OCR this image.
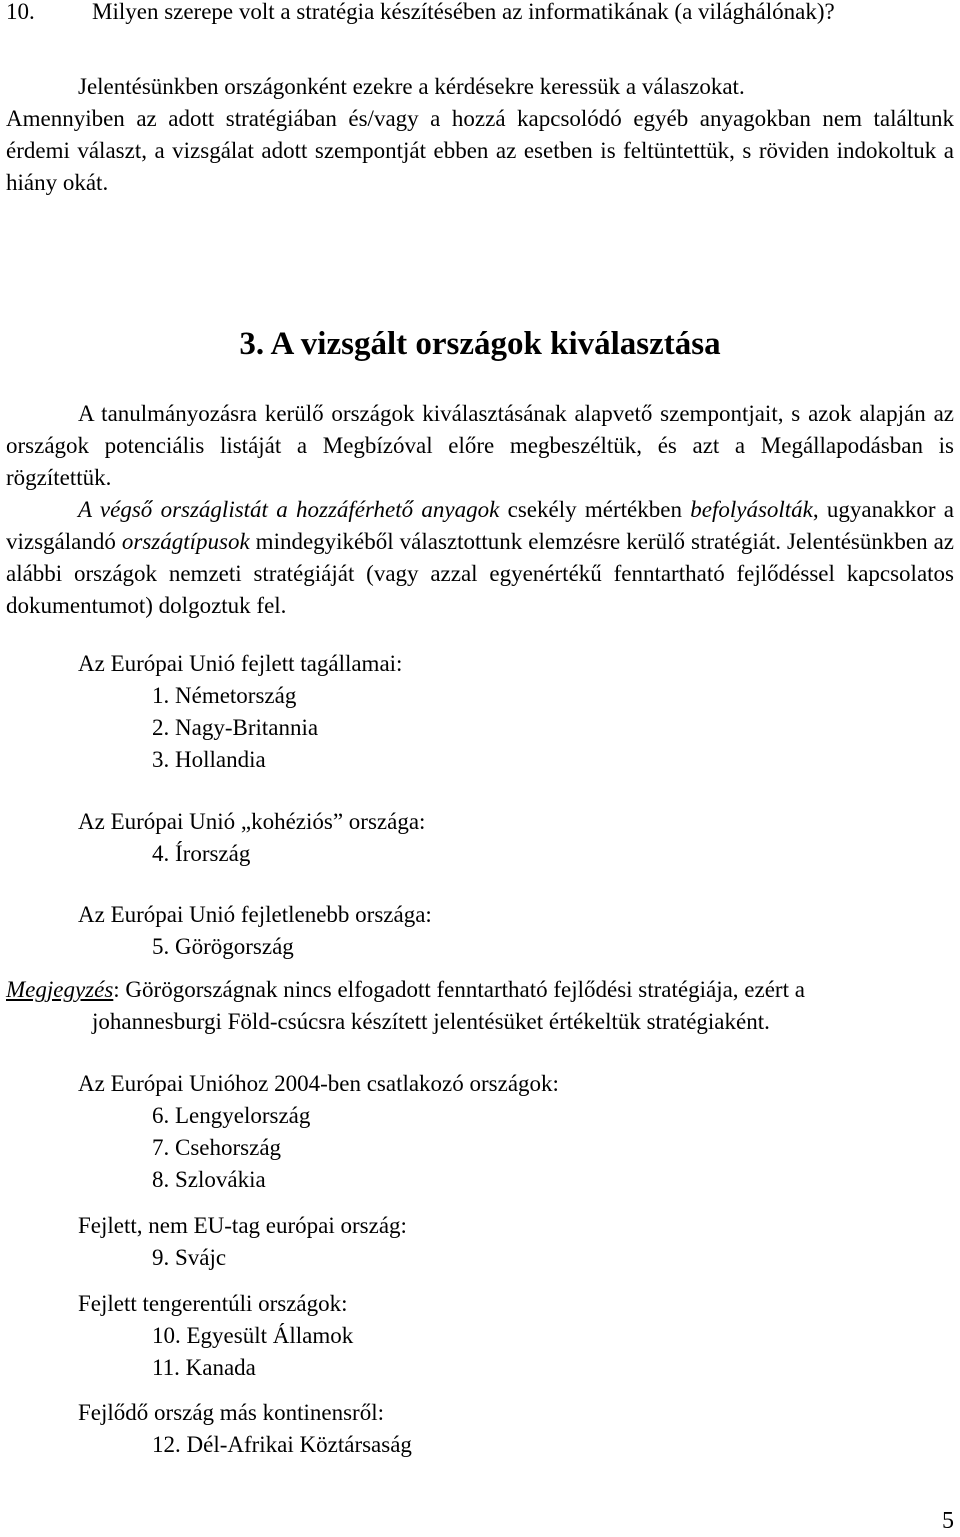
10. Milyen szerepe volt a stratégia készítésében az informatikának (a világhálónak)?
Jelentésünkben országonként ezekre a kérdésekre keressük a válaszokat.
Amennyiben az adott stratégiában és/vagy a hozzá kapcsolódó egyéb anyagokban nem találtunk érdemi választ, a vizsgálat adott szempontját ebben az esetben is feltüntettük, s röviden indokoltuk a hiány okát.
3. A vizsgált országok kiválasztása
A tanulmányozásra kerülő országok kiválasztásának alapvető szempontjait, s azok alapján az országok potenciális listáját a Megbízóval előre megbeszéltük, és azt a Megállapodásban is rögzítettük.
A végső országlistát a hozzáférhető anyagok csekély mértékben befolyásolták, ugyanakkor a vizsgálandó országtípusok mindegyikéből választottunk elemzésre kerülő stratégiát. Jelentésünkben az alábbi országok nemzeti stratégiáját (vagy azzal egyenértékű fenntartható fejlődéssel kapcsolatos dokumentumot) dolgoztuk fel.
Az Európai Unió fejlett tagállamai:
1. Németország
2. Nagy-Britannia
3. Hollandia
Az Európai Unió „kohéziós” országa:
4. Írország
Az Európai Unió fejletlenebb országa:
5. Görögország
Megjegyzés: Görögországnak nincs elfogadott fenntartható fejlődési stratégiája, ezért a
johannesburgi Föld-csúcsra készített jelentésüket értékeltük stratégiaként.
Az Európai Unióhoz 2004-ben csatlakozó országok:
6. Lengyelország
7. Csehország
8. Szlovákia
Fejlett, nem EU-tag európai ország:
9. Svájc
Fejlett tengerentúli országok:
10. Egyesült Államok
11. Kanada
Fejlődő ország más kontinensről:
12. Dél-Afrikai Köztársaság
5
